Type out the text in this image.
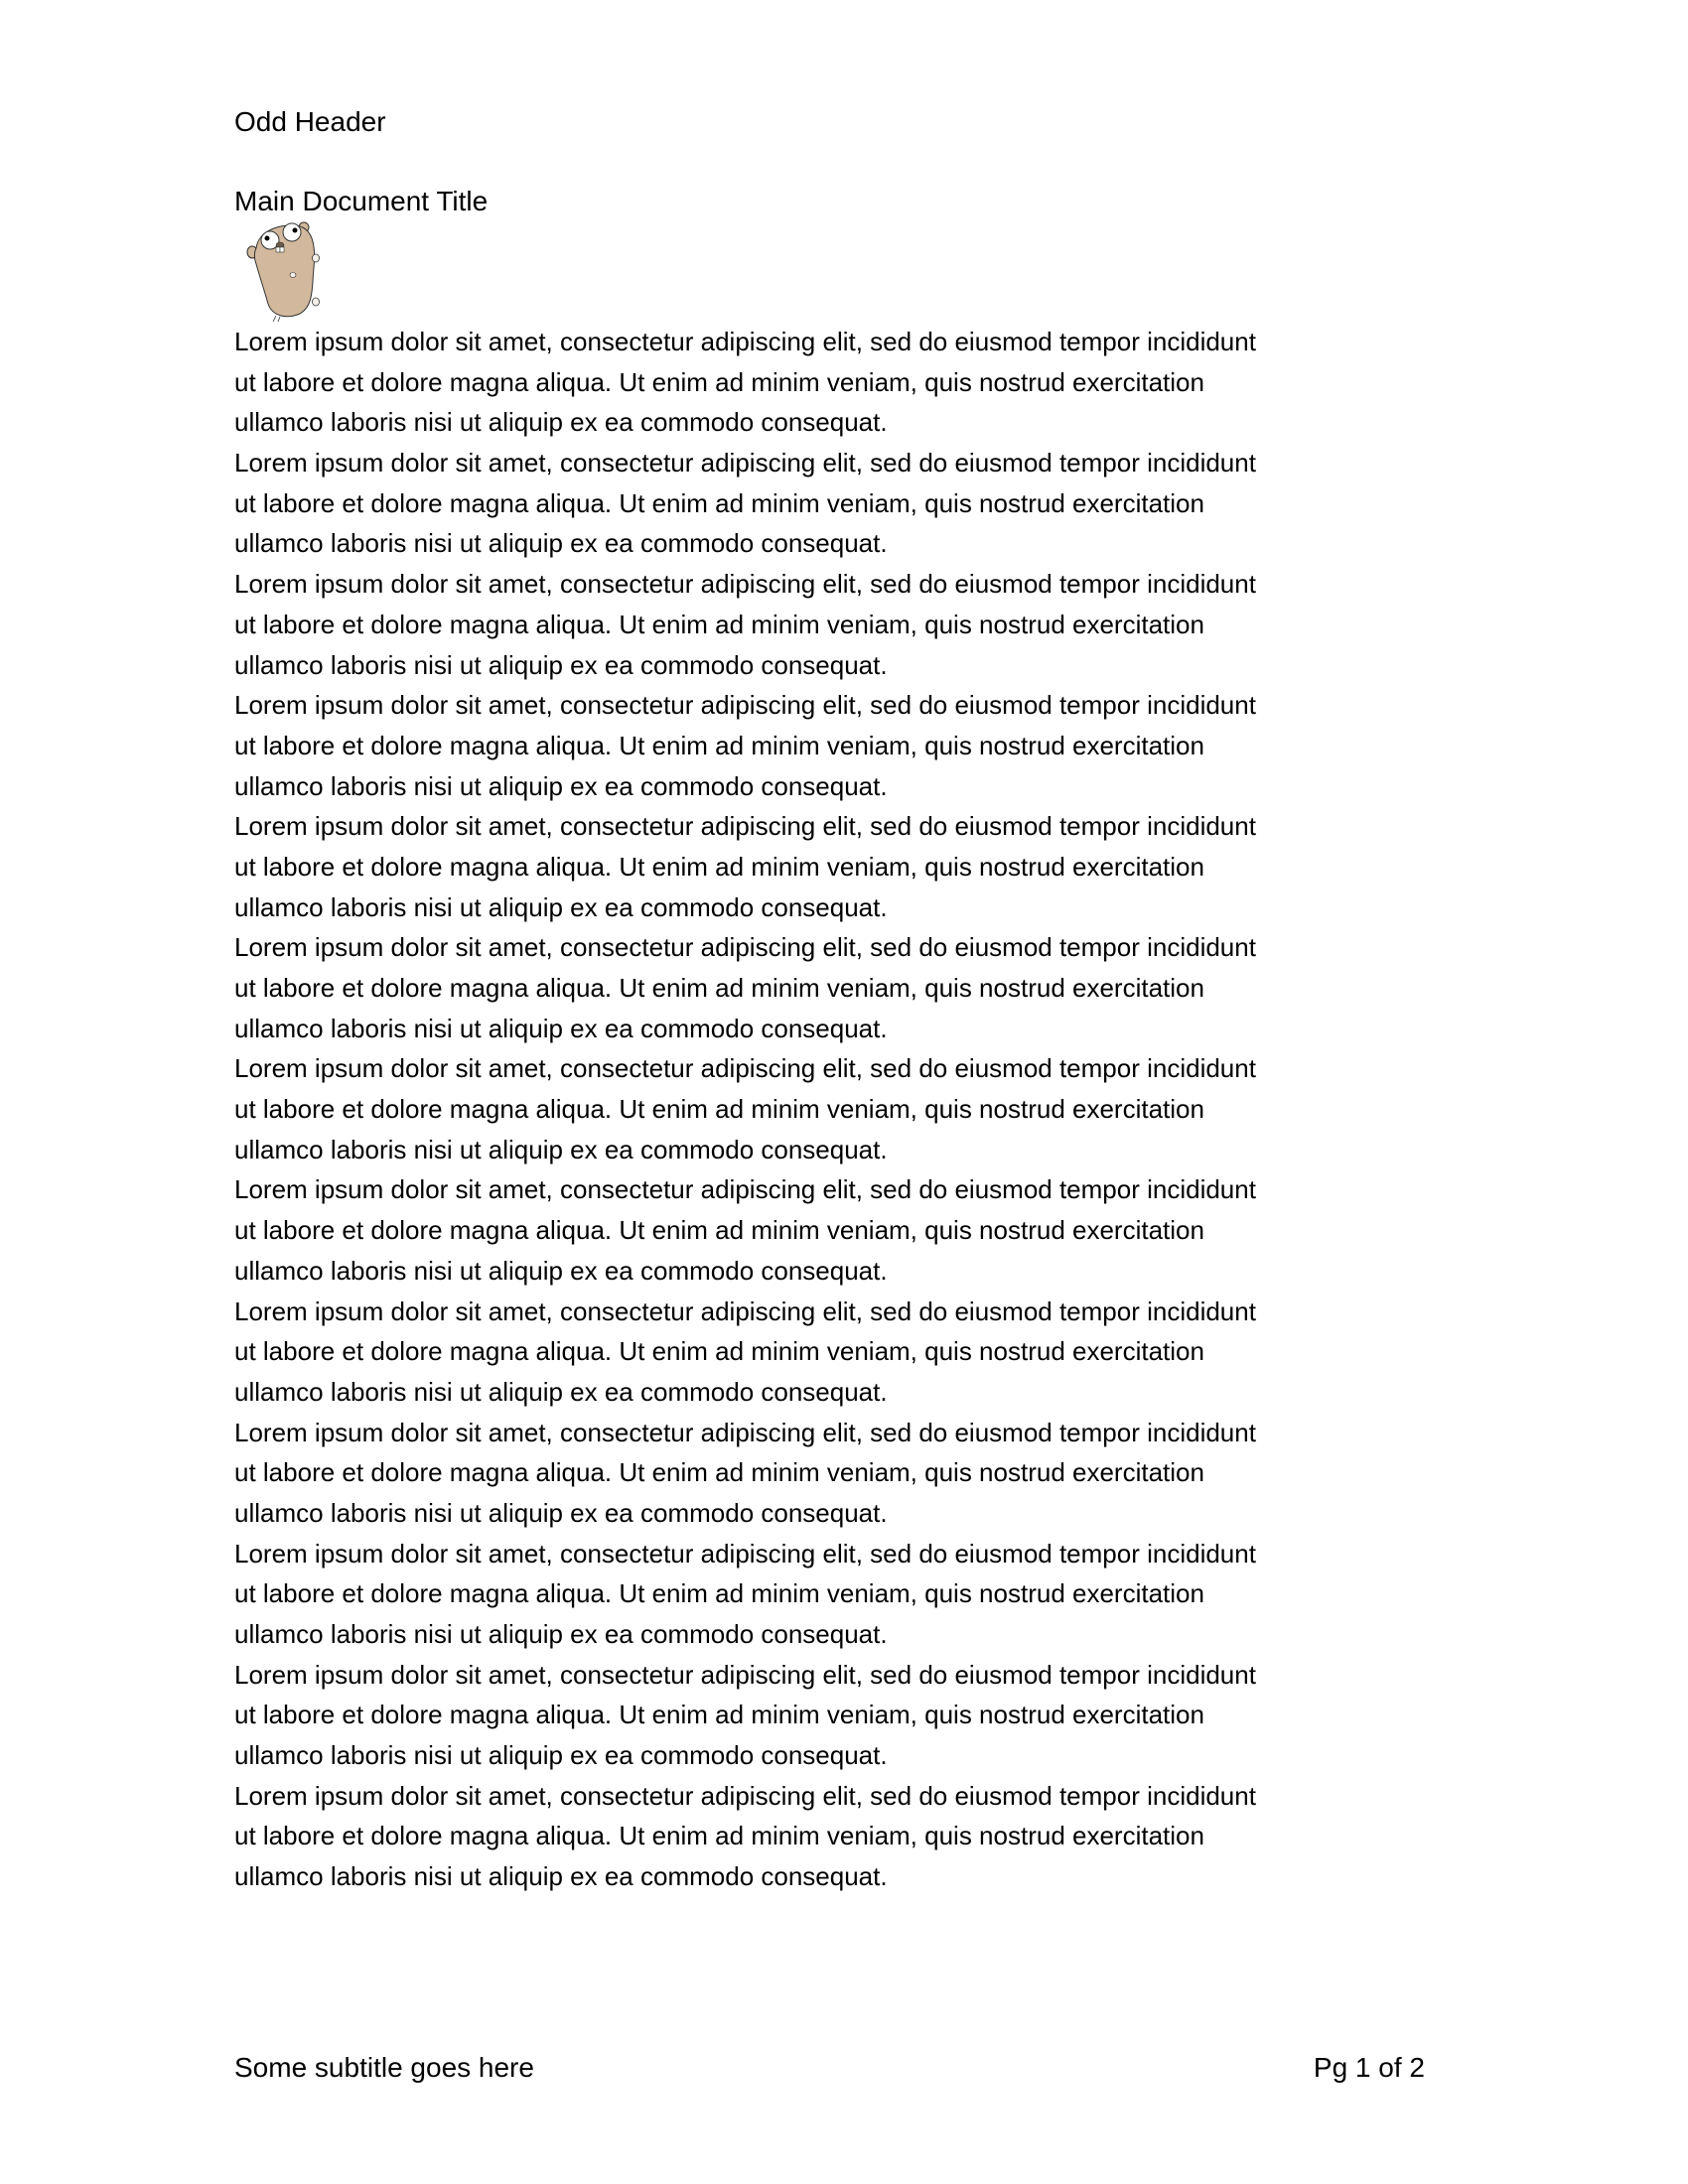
Odd Header
Main Document Title

Lorem ipsum dolor sit amet, consectetur adipiscing elit, sed do eiusmod tempor incididunt
ut labore et dolore magna aliqua. Ut enim ad minim veniam, quis nostrud exercitation
ullamco laboris nisi ut aliquip ex ea commodo consequat.

Lorem ipsum dolor sit amet, consectetur adipiscing elit, sed do eiusmod tempor incididunt
ut labore et dolore magna aliqua. Ut enim ad minim veniam, quis nostrud exercitation
ullamco laboris nisi ut aliquip ex ea commodo consequat.

Lorem ipsum dolor sit amet, consectetur adipiscing elit, sed do eiusmod tempor incididunt
ut labore et dolore magna aliqua. Ut enim ad minim veniam, quis nostrud exercitation
ullamco laboris nisi ut aliquip ex ea commodo consequat.

Lorem ipsum dolor sit amet, consectetur adipiscing elit, sed do eiusmod tempor incididunt
ut labore et dolore magna aliqua. Ut enim ad minim veniam, quis nostrud exercitation
ullamco laboris nisi ut aliquip ex ea commodo consequat.

Lorem ipsum dolor sit amet, consectetur adipiscing elit, sed do eiusmod tempor incididunt
ut labore et dolore magna aliqua. Ut enim ad minim veniam, quis nostrud exercitation
ullamco laboris nisi ut aliquip ex ea commodo consequat.

Lorem ipsum dolor sit amet, consectetur adipiscing elit, sed do eiusmod tempor incididunt
ut labore et dolore magna aliqua. Ut enim ad minim veniam, quis nostrud exercitation
ullamco laboris nisi ut aliquip ex ea commodo consequat.

Lorem ipsum dolor sit amet, consectetur adipiscing elit, sed do eiusmod tempor incididunt
ut labore et dolore magna aliqua. Ut enim ad minim veniam, quis nostrud exercitation
ullamco laboris nisi ut aliquip ex ea commodo consequat.

Lorem ipsum dolor sit amet, consectetur adipiscing elit, sed do eiusmod tempor incididunt
ut labore et dolore magna aliqua. Ut enim ad minim veniam, quis nostrud exercitation
ullamco laboris nisi ut aliquip ex ea commodo consequat.

Lorem ipsum dolor sit amet, consectetur adipiscing elit, sed do eiusmod tempor incididunt
ut labore et dolore magna aliqua. Ut enim ad minim veniam, quis nostrud exercitation
ullamco laboris nisi ut aliquip ex ea commodo consequat.

Lorem ipsum dolor sit amet, consectetur adipiscing elit, sed do eiusmod tempor incididunt
ut labore et dolore magna aliqua. Ut enim ad minim veniam, quis nostrud exercitation
ullamco laboris nisi ut aliquip ex ea commodo consequat.

Lorem ipsum dolor sit amet, consectetur adipiscing elit, sed do eiusmod tempor incididunt
ut labore et dolore magna aliqua. Ut enim ad minim veniam, quis nostrud exercitation
ullamco laboris nisi ut aliquip ex ea commodo consequat.

Lorem ipsum dolor sit amet, consectetur adipiscing elit, sed do eiusmod tempor incididunt
ut labore et dolore magna aliqua. Ut enim ad minim veniam, quis nostrud exercitation
ullamco laboris nisi ut aliquip ex ea commodo consequat.

Lorem ipsum dolor sit amet, consectetur adipiscing elit, sed do eiusmod tempor incididunt
ut labore et dolore magna aliqua. Ut enim ad minim veniam, quis nostrud exercitation
ullamco laboris nisi ut aliquip ex ea commodo consequat.

Some subtitle goes here	Pg 1 of 2
